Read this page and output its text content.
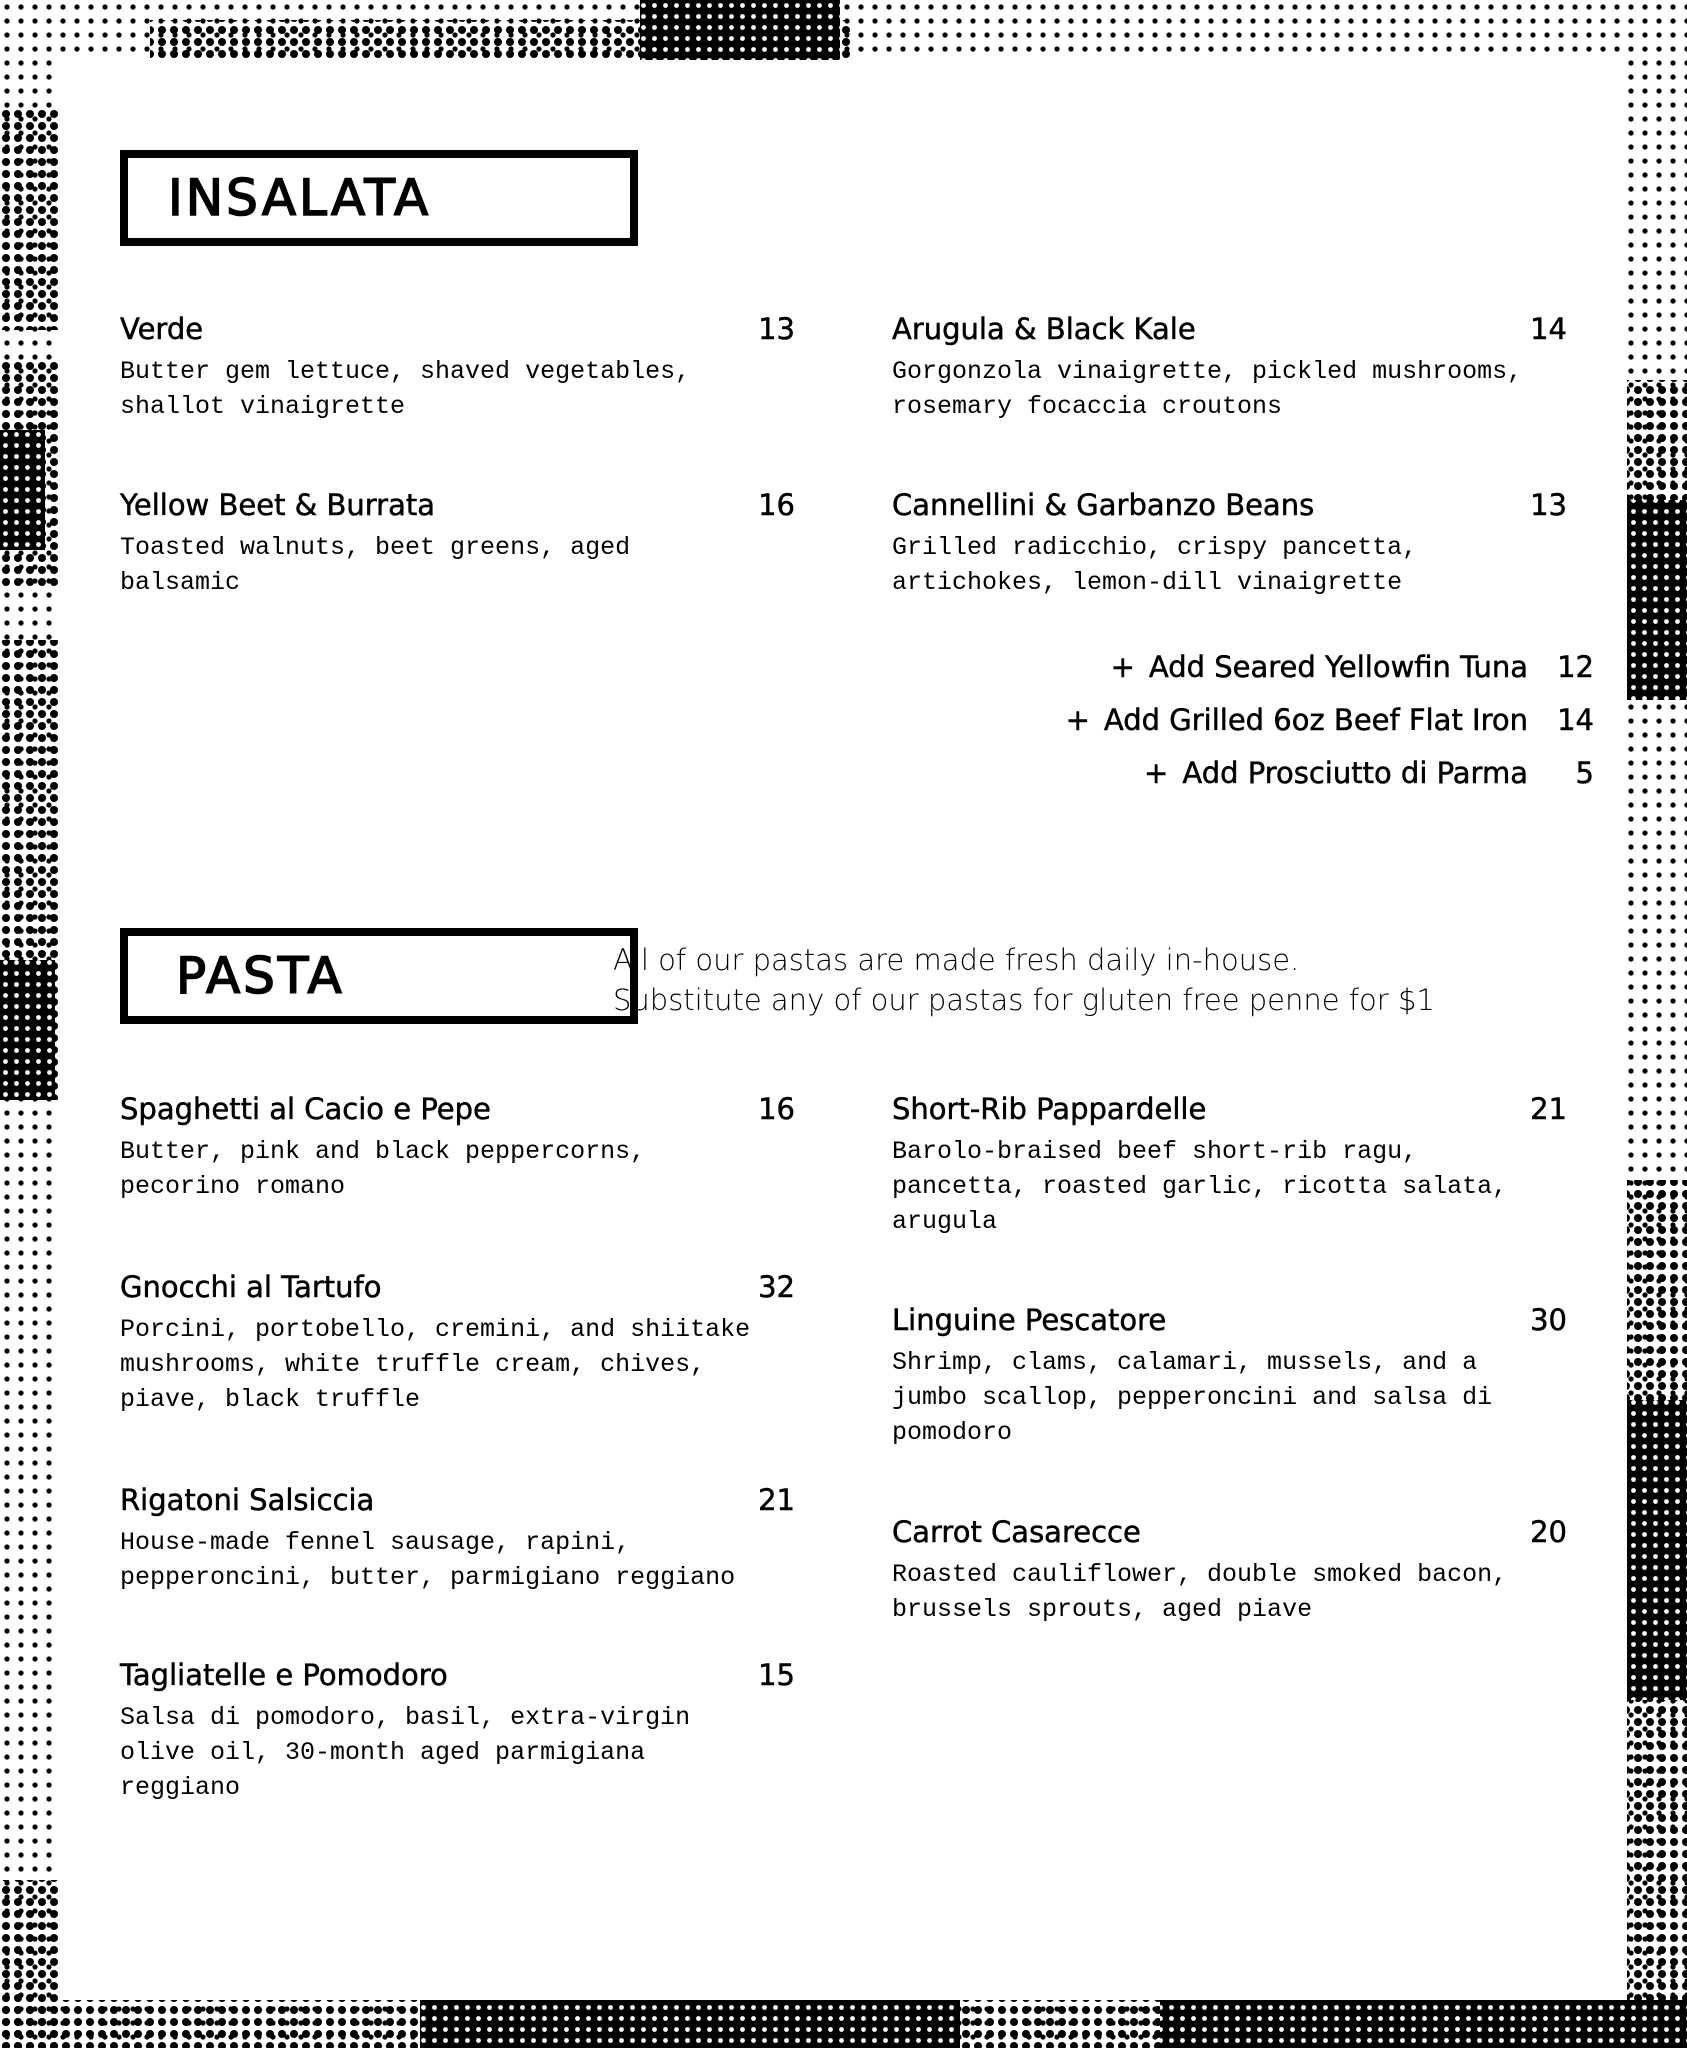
INSALATA
Verde	13
Butter gem lettuce, shaved vegetables,
shallot vinaigrette
Arugula & Black Kale	14
Gorgonzola vinaigrette, pickled mushrooms,
rosemary focaccia croutons
Yellow Beet & Burrata	16
Toasted walnuts, beet greens, aged
balsamic
Cannellini & Garbanzo Beans	13
Grilled radicchio, crispy pancetta,
artichokes, lemon-dill vinaigrette
+ Add Seared Yellowfin Tuna	12
+ Add Grilled 6oz Beef Flat Iron	14
+ Add Prosciutto di Parma	5
PASTA	All of our pastas are made fresh daily in-house.
Substitute any of our pastas for gluten free penne for $1
Spaghetti al Cacio e Pepe	16
Butter, pink and black peppercorns,
pecorino romano
Gnocchi al Tartufo	32
Porcini, portobello, cremini, and shiitake
mushrooms, white truffle cream, chives,
piave, black truffle
Rigatoni Salsiccia	21
House-made fennel sausage, rapini,
pepperoncini, butter, parmigiano reggiano
Tagliatelle e Pomodoro	15
Salsa di pomodoro, basil, extra-virgin
olive oil, 30-month aged parmigiana
reggiano
Short-Rib Pappardelle	21
Barolo-braised beef short-rib ragu,
pancetta, roasted garlic, ricotta salata,
arugula
Linguine Pescatore	30
Shrimp, clams, calamari, mussels, and a
jumbo scallop, pepperoncini and salsa di
pomodoro
Carrot Casarecce	20
Roasted cauliflower, double smoked bacon,
brussels sprouts, aged piave
